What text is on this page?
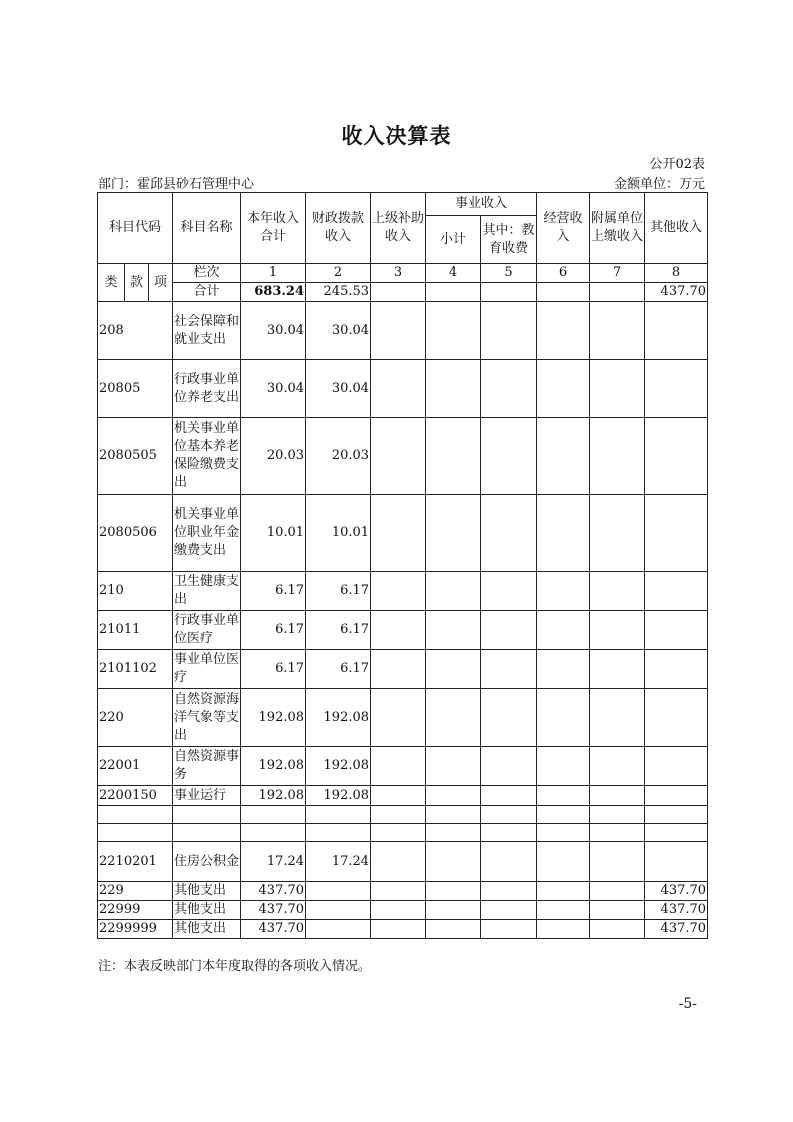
收入决算表
公开02表
部门：霍邱县砂石管理中心	金额单位：万元
科目代码			科目名称	本年收入合计	财政拨款收入	上级补助收入	事业收入		经营收入	附属单位上缴收入	其他收入
							小计	其中：教育收费			
类	款	项	栏次	1	2	3	4	5	6	7	8
			合计	683.24	245.53						437.70
208			社会保障和就业支出	30.04	30.04						
20805			行政事业单位养老支出	30.04	30.04						
2080505			机关事业单位基本养老保险缴费支出	20.03	20.03						
2080506			机关事业单位职业年金缴费支出	10.01	10.01						
210			卫生健康支出	6.17	6.17						
21011			行政事业单位医疗	6.17	6.17						
2101102			事业单位医疗	6.17	6.17						
220			自然资源海洋气象等支出	192.08	192.08						
22001			自然资源事务	192.08	192.08						
2200150			事业运行	192.08	192.08						

2210201			住房公积金	17.24	17.24						
229			其他支出	437.70							437.70
22999			其他支出	437.70							437.70
2299999			其他支出	437.70							437.70
注：本表反映部门本年度取得的各项收入情况。
-5-
